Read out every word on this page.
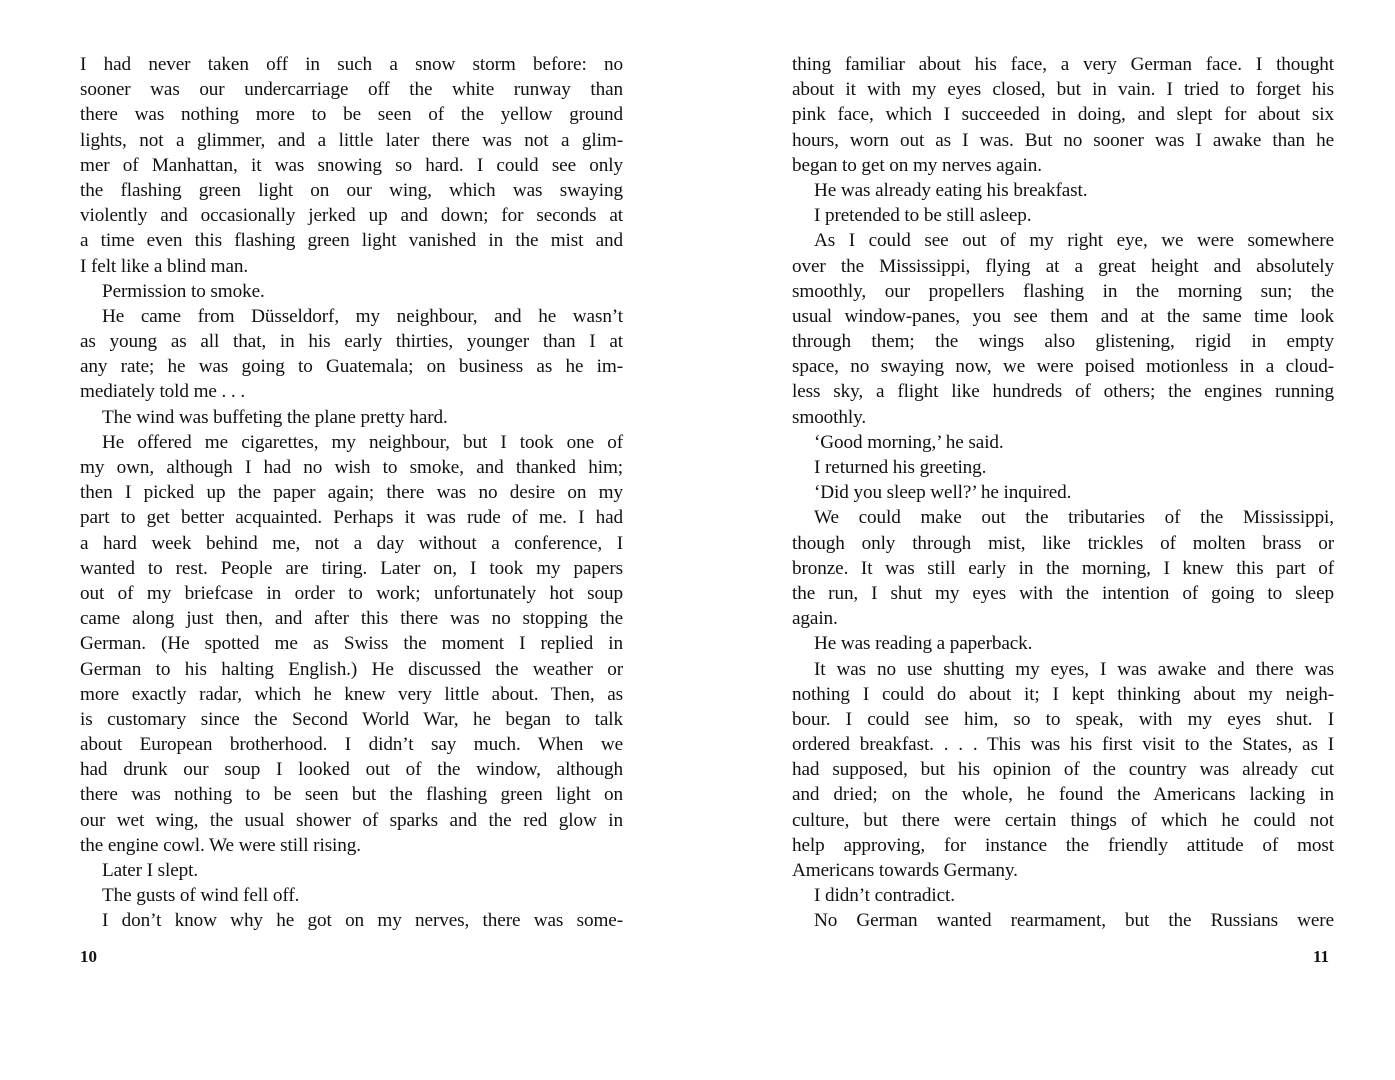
I had never taken off in such a snow storm before: no
sooner was our undercarriage off the white runway than
there was nothing more to be seen of the yellow ground
lights, not a glimmer, and a little later there was not a glim-
mer of Manhattan, it was snowing so hard. I could see only
the flashing green light on our wing, which was swaying
violently and occasionally jerked up and down; for seconds at
a time even this flashing green light vanished in the mist and
I felt like a blind man.
Permission to smoke.
He came from Düsseldorf, my neighbour, and he wasn’t
as young as all that, in his early thirties, younger than I at
any rate; he was going to Guatemala; on business as he im-
mediately told me . . .
The wind was buffeting the plane pretty hard.
He offered me cigarettes, my neighbour, but I took one of
my own, although I had no wish to smoke, and thanked him;
then I picked up the paper again; there was no desire on my
part to get better acquainted. Perhaps it was rude of me. I had
a hard week behind me, not a day without a conference, I
wanted to rest. People are tiring. Later on, I took my papers
out of my briefcase in order to work; unfortunately hot soup
came along just then, and after this there was no stopping the
German. (He spotted me as Swiss the moment I replied in
German to his halting English.) He discussed the weather or
more exactly radar, which he knew very little about. Then, as
is customary since the Second World War, he began to talk
about European brotherhood. I didn’t say much. When we
had drunk our soup I looked out of the window, although
there was nothing to be seen but the flashing green light on
our wet wing, the usual shower of sparks and the red glow in
the engine cowl. We were still rising.
Later I slept.
The gusts of wind fell off.
I don’t know why he got on my nerves, there was some-
thing familiar about his face, a very German face. I thought
about it with my eyes closed, but in vain. I tried to forget his
pink face, which I succeeded in doing, and slept for about six
hours, worn out as I was. But no sooner was I awake than he
began to get on my nerves again.
He was already eating his breakfast.
I pretended to be still asleep.
As I could see out of my right eye, we were somewhere
over the Mississippi, flying at a great height and absolutely
smoothly, our propellers flashing in the morning sun; the
usual window-panes, you see them and at the same time look
through them; the wings also glistening, rigid in empty
space, no swaying now, we were poised motionless in a cloud-
less sky, a flight like hundreds of others; the engines running
smoothly.
‘Good morning,’ he said.
I returned his greeting.
‘Did you sleep well?’ he inquired.
We could make out the tributaries of the Mississippi,
though only through mist, like trickles of molten brass or
bronze. It was still early in the morning, I knew this part of
the run, I shut my eyes with the intention of going to sleep
again.
He was reading a paperback.
It was no use shutting my eyes, I was awake and there was
nothing I could do about it; I kept thinking about my neigh-
bour. I could see him, so to speak, with my eyes shut. I
ordered breakfast. . . . This was his first visit to the States, as I
had supposed, but his opinion of the country was already cut
and dried; on the whole, he found the Americans lacking in
culture, but there were certain things of which he could not
help approving, for instance the friendly attitude of most
Americans towards Germany.
I didn’t contradict.
No German wanted rearmament, but the Russians were
10	11
